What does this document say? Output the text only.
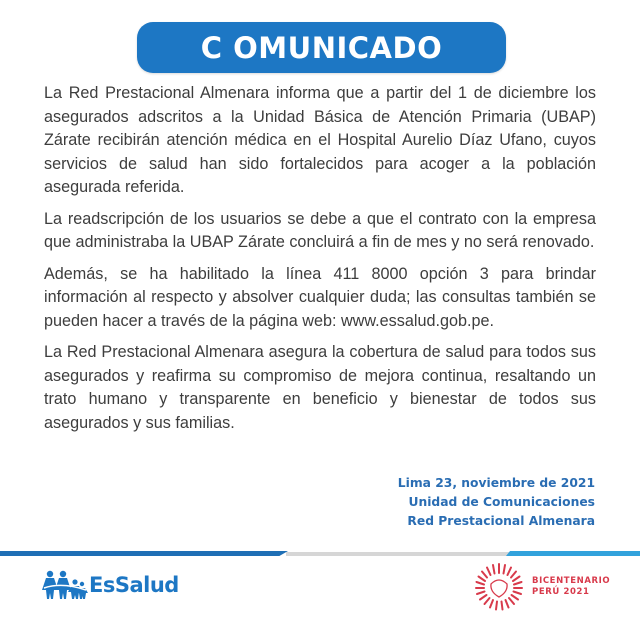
C OMUNICADO

La Red Prestacional Almenara informa que a partir del 1 de diciembre los asegurados adscritos a la Unidad Básica de Atención Primaria (UBAP) Zárate recibirán atención médica en el Hospital Aurelio Díaz Ufano, cuyos servicios de salud han sido fortalecidos para acoger a la población asegurada referida.

La readscripción de los usuarios se debe a que el contrato con la empresa que administraba la UBAP Zárate concluirá a fin de mes y no será renovado.

Además, se ha habilitado la línea 411 8000 opción 3 para brindar información al respecto y absolver cualquier duda; las consultas también se pueden hacer a través de la página web: www.essalud.gob.pe.

La Red Prestacional Almenara asegura la cobertura de salud para todos sus asegurados y reafirma su compromiso de mejora continua, resaltando un trato humano y transparente en beneficio y bienestar de todos sus asegurados y sus familias.

Lima 23, noviembre de 2021
Unidad de Comunicaciones
Red Prestacional Almenara
EsSalud	BICENTENARIO
PERÚ 2021
